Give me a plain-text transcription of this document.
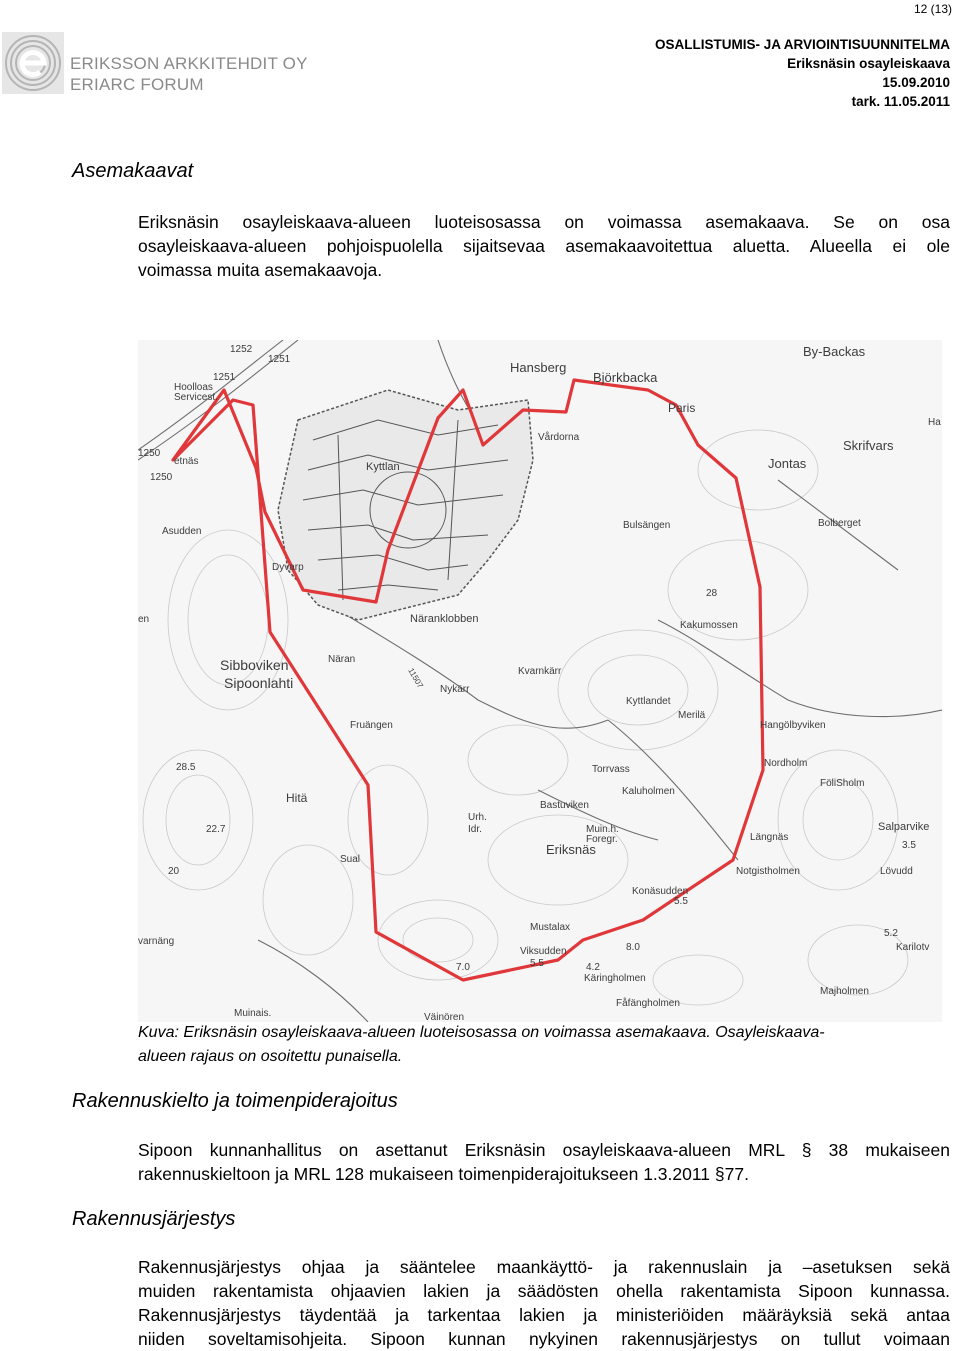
ERIKSSON ARKKITEHDIT OY
ERIARC FORUM
12 (13)
OSALLISTUMIS- JA ARVIOINTISUUNNITELMA
Eriksnäsin osayleiskaava
15.09.2010
tark. 11.05.2011
Asemakaavat
Eriksnäsin osayleiskaava-alueen luoteisosassa on voimassa asemakaava. Se on osa
osayleiskaava-alueen pohjoispuolella sijaitsevaa asemakaavoitettua aluetta. Alueella ei ole
voimassa muita asemakaavoja.
1252
1251
1251
Hoolloas
Servicest.
1250
etnäs
1250
Hansberg
Björkbacka
Paris
Vårdorna
By-Backas
Skrifvars
Jontas
Ha
Bulsängen	Bolberget
Asudden
Dyvarp
Kyttlan
Näranklobben
28
Kakumossen
en
Sibboviken
Sipoonlahti
Näran
Kvarnkärr
Nykärr
Kyttlandet
Fruängen
Merilä
Hangölbyviken
11507
28.5
Hitä
Torrvass
Kaluholmen
Bastuviken
Nordholm
FöliSholm
22.7
Urh.
Idr.	Muin.h.
Foregr.	Längnäs
Salparvike
Sual
Eriksnäs
Notgistholmen
3.5
Lövudd
20
Konäsudden
5.5
Mustalax
varnäng
Viksudden	8.0
5.5	4.2
Käringholmen
5.2
Karilotv
7.0
Majholmen
Fåfängholmen
Väinören
Muinais.
Kuva: Eriksnäsin osayleiskaava-alueen luoteisosassa on voimassa asemakaava. Osayleiskaava-
alueen rajaus on osoitettu punaisella.
Rakennuskielto ja toimenpiderajoitus
Sipoon kunnanhallitus on asettanut Eriksnäsin osayleiskaava-alueen MRL § 38 mukaiseen
rakennuskieltoon ja MRL 128 mukaiseen toimenpiderajoitukseen 1.3.2011 §77.
Rakennusjärjestys
Rakennusjärjestys ohjaa ja sääntelee maankäyttö- ja rakennuslain ja –asetuksen sekä
muiden rakentamista ohjaavien lakien ja säädösten ohella rakentamista Sipoon kunnassa.
Rakennusjärjestys täydentää ja tarkentaa lakien ja ministeriöiden määräyksiä sekä antaa
niiden soveltamisohjeita. Sipoon kunnan nykyinen rakennusjärjestys on tullut voimaan
